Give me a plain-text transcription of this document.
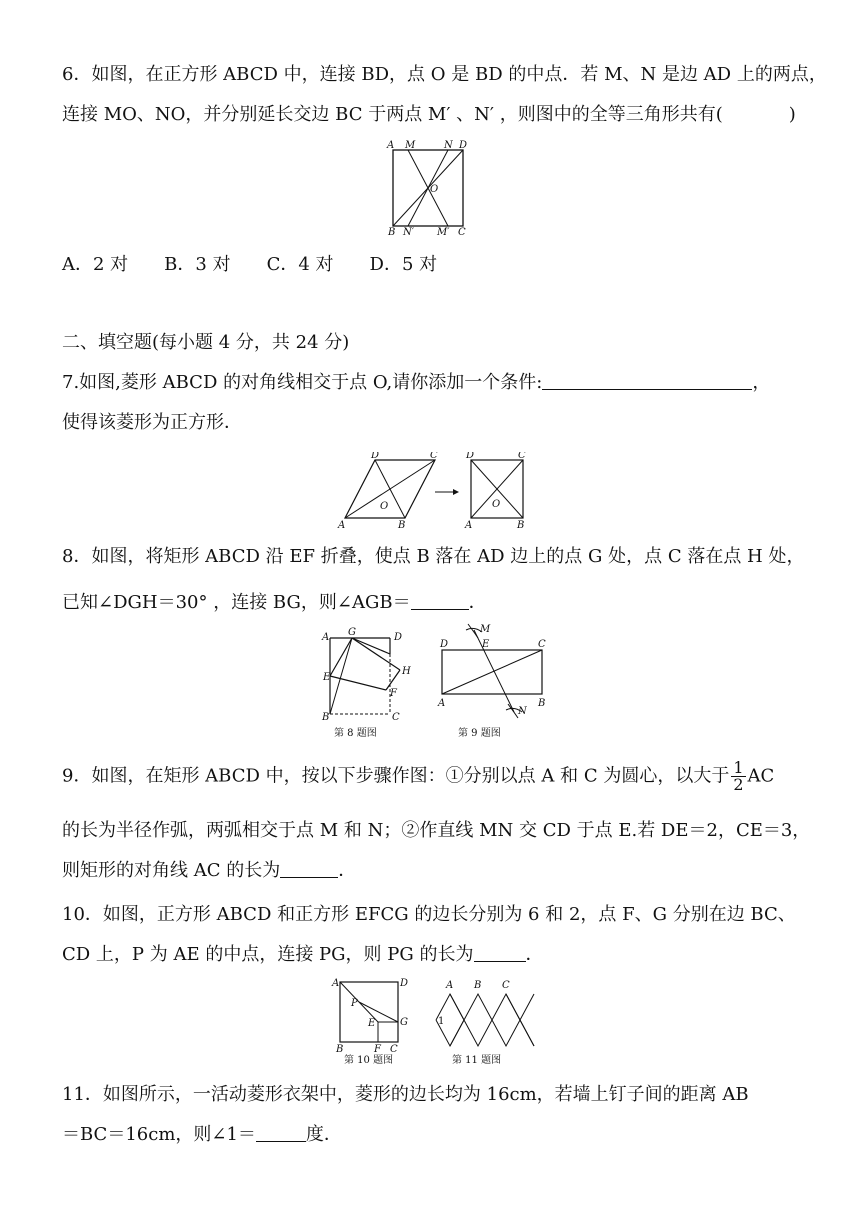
6．如图，在正方形 ABCD 中，连接 BD，点 O 是 BD 的中点．若 M、N 是边 AD 上的两点，
连接 MO、NO，并分别延长交边 BC 于两点 M′ 、N′ ，则图中的全等三角形共有(	)
A M	N D
O
B N′ M′ C
A．2 对　　B．3 对　　C．4 对　　D．5 对
二、填空题(每小题 4 分，共 24 分)
7.如图,菱形 ABCD 的对角线相交于点 O,请你添加一个条件:	，
使得该菱形为正方形．
D	C
A	B
O
D	C
A	B
O
8．如图，将矩形 ABCD 沿 EF 折叠，使点 B 落在 AD 边上的点 G 处，点 C 落在点 H 处，
已知∠DGH＝30° ，连接 BG，则∠AGB＝	．
A G	D
E
H
F
B	C
第 8 题图
M
N
D	E	C
A	B
第 9 题图
9．如图，在矩形 ABCD 中，按以下步骤作图：①分别以点 A 和 C 为圆心，以大于 $\frac{1}{2}$ AC
的长为半径作弧，两弧相交于点 M 和 N；②作直线 MN 交 CD 于点 E.若 DE＝2，CE＝3，
则矩形的对角线 AC 的长为	．
10．如图，正方形 ABCD 和正方形 EFCG 的边长分别为 6 和 2，点 F、G 分别在边 BC、
CD 上，P 为 AE 的中点，连接 PG，则 PG 的长为	．
A	D
P
E G
B	F C
第 10 题图
A B C
1
第 11 题图
11．如图所示，一活动菱形衣架中，菱形的边长均为 16cm，若墙上钉子间的距离 AB
＝BC＝16cm，则∠1＝	度．
